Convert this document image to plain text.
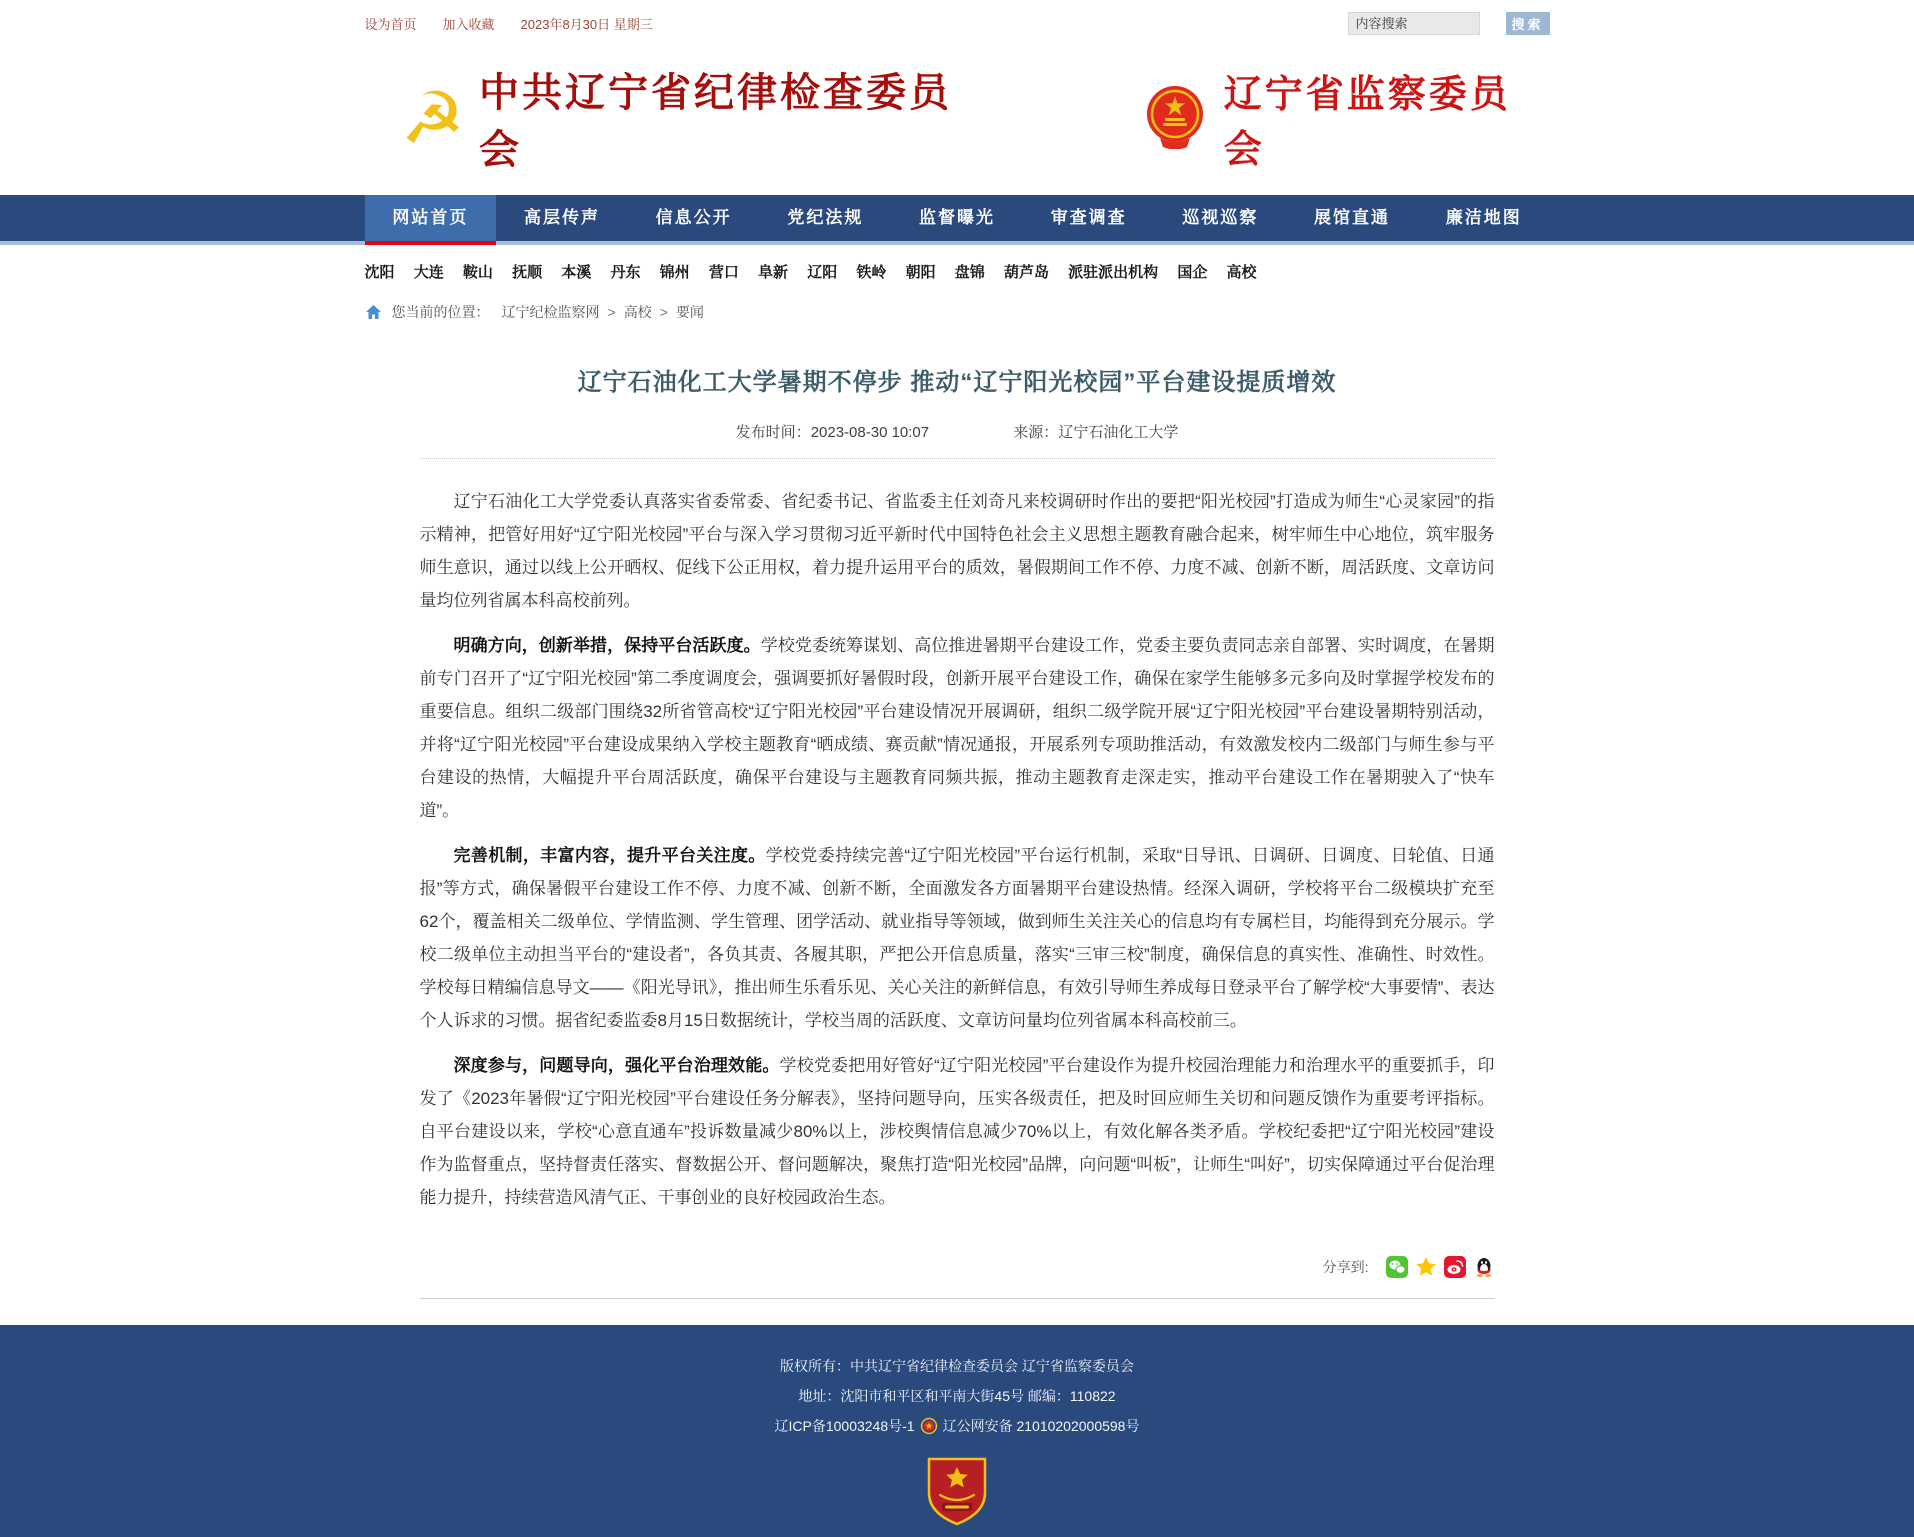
设为首页 加入收藏 2023年8月30日 星期三
内容搜索	搜索
☭ 中共辽宁省纪律检查委员会
辽宁省监察委员会
网站首页	高层传声	信息公开	党纪法规	监督曝光	审查调查	巡视巡察	展馆直通	廉洁地图
沈阳 大连 鞍山 抚顺 本溪 丹东 锦州 营口 阜新 辽阳 铁岭 朝阳 盘锦 葫芦岛 派驻派出机构 国企 高校
您当前的位置： 辽宁纪检监察网 > 高校 > 要闻
辽宁石油化工大学暑期不停步 推动“辽宁阳光校园”平台建设提质增效
发布时间：2023-08-30 10:07	来源：辽宁石油化工大学

辽宁石油化工大学党委认真落实省委常委、省纪委书记、省监委主任刘奇凡来校调研时作出的要把“阳光校园”打造成为师生“心灵家园”的指示精神，把管好用好“辽宁阳光校园”平台与深入学习贯彻习近平新时代中国特色社会主义思想主题教育融合起来，树牢师生中心地位，筑牢服务师生意识，通过以线上公开晒权、促线下公正用权，着力提升运用平台的质效，暑假期间工作不停、力度不减、创新不断，周活跃度、文章访问量均位列省属本科高校前列。

明确方向，创新举措，保持平台活跃度。学校党委统筹谋划、高位推进暑期平台建设工作，党委主要负责同志亲自部署、实时调度，在暑期前专门召开了“辽宁阳光校园”第二季度调度会，强调要抓好暑假时段，创新开展平台建设工作，确保在家学生能够多元多向及时掌握学校发布的重要信息。组织二级部门围绕32所省管高校“辽宁阳光校园”平台建设情况开展调研，组织二级学院开展“辽宁阳光校园”平台建设暑期特别活动，并将“辽宁阳光校园”平台建设成果纳入学校主题教育“晒成绩、赛贡献”情况通报，开展系列专项助推活动，有效激发校内二级部门与师生参与平台建设的热情，大幅提升平台周活跃度，确保平台建设与主题教育同频共振，推动主题教育走深走实，推动平台建设工作在暑期驶入了“快车道”。

完善机制，丰富内容，提升平台关注度。学校党委持续完善“辽宁阳光校园”平台运行机制，采取“日导讯、日调研、日调度、日轮值、日通报”等方式，确保暑假平台建设工作不停、力度不减、创新不断，全面激发各方面暑期平台建设热情。经深入调研，学校将平台二级模块扩充至62个，覆盖相关二级单位、学情监测、学生管理、团学活动、就业指导等领域，做到师生关注关心的信息均有专属栏目，均能得到充分展示。学校二级单位主动担当平台的“建设者”，各负其责、各履其职，严把公开信息质量，落实“三审三校”制度，确保信息的真实性、准确性、时效性。学校每日精编信息导文——《阳光导讯》，推出师生乐看乐见、关心关注的新鲜信息，有效引导师生养成每日登录平台了解学校“大事要情”、表达个人诉求的习惯。据省纪委监委8月15日数据统计，学校当周的活跃度、文章访问量均位列省属本科高校前三。

深度参与，问题导向，强化平台治理效能。学校党委把用好管好“辽宁阳光校园”平台建设作为提升校园治理能力和治理水平的重要抓手，印发了《2023年暑假“辽宁阳光校园”平台建设任务分解表》，坚持问题导向，压实各级责任，把及时回应师生关切和问题反馈作为重要考评指标。自平台建设以来，学校“心意直通车”投诉数量减少80%以上，涉校舆情信息减少70%以上，有效化解各类矛盾。学校纪委把“辽宁阳光校园”建设作为监督重点，坚持督责任落实、督数据公开、督问题解决，聚焦打造“阳光校园”品牌，向问题“叫板”，让师生“叫好”，切实保障通过平台促治理能力提升，持续营造风清气正、干事创业的良好校园政治生态。

分享到:
版权所有：中共辽宁省纪律检查委员会 辽宁省监察委员会
地址：沈阳市和平区和平南大街45号 邮编：110822
辽ICP备10003248号-1 辽公网安备 21010202000598号
